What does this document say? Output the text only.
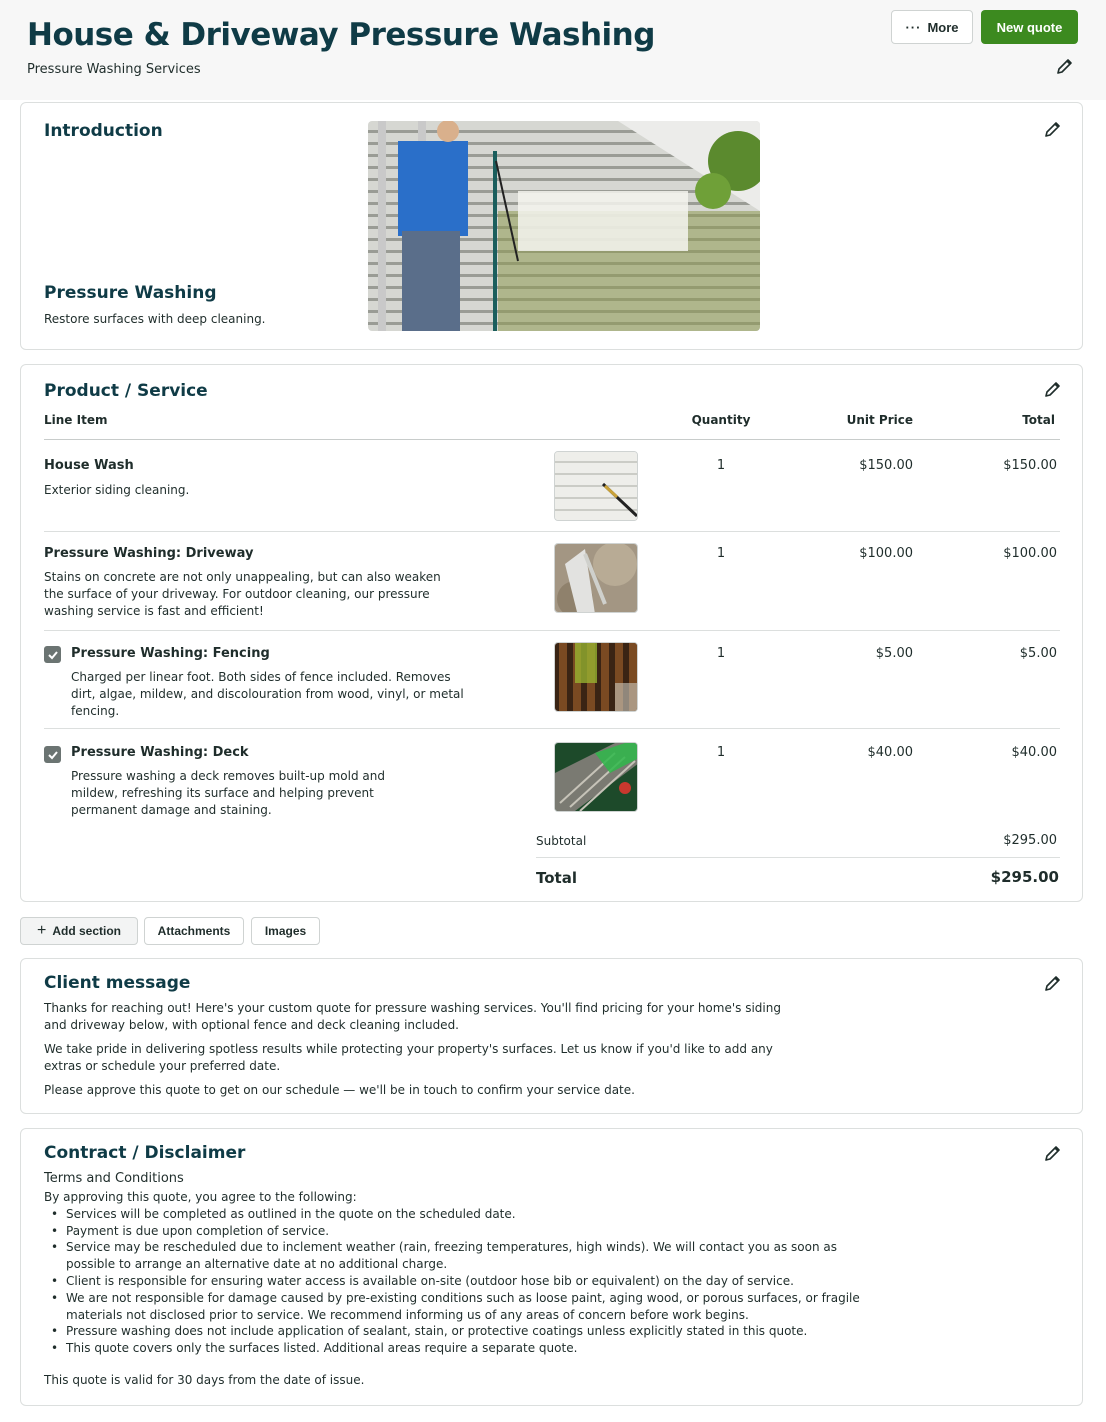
House & Driveway Pressure Washing
Pressure Washing Services
··· More	New quote
Introduction
Pressure Washing
Restore surfaces with deep cleaning.
Product / Service
Line Item	Quantity	Unit Price	Total
House Wash
Exterior siding cleaning.
1	$150.00	$150.00
Pressure Washing: Driveway
Stains on concrete are not only unappealing, but can also weaken the surface of your driveway. For outdoor cleaning, our pressure washing service is fast and efficient!
1	$100.00	$100.00
Pressure Washing: Fencing
Charged per linear foot. Both sides of fence included. Removes dirt, algae, mildew, and discolouration from wood, vinyl, or metal fencing.
1	$5.00	$5.00
Pressure Washing: Deck
Pressure washing a deck removes built-up mold and mildew, refreshing its surface and helping prevent permanent damage and staining.
1	$40.00	$40.00
Subtotal	$295.00
Total	$295.00
+ Add section	Attachments	Images
Client message
Thanks for reaching out! Here's your custom quote for pressure washing services. You'll find pricing for your home's siding and driveway below, with optional fence and deck cleaning included.
We take pride in delivering spotless results while protecting your property's surfaces. Let us know if you'd like to add any extras or schedule your preferred date.
Please approve this quote to get on our schedule — we'll be in touch to confirm your service date.
Contract / Disclaimer
Terms and Conditions
By approving this quote, you agree to the following:
• Services will be completed as outlined in the quote on the scheduled date.
• Payment is due upon completion of service.
• Service may be rescheduled due to inclement weather (rain, freezing temperatures, high winds). We will contact you as soon as possible to arrange an alternative date at no additional charge.
• Client is responsible for ensuring water access is available on-site (outdoor hose bib or equivalent) on the day of service.
• We are not responsible for damage caused by pre-existing conditions such as loose paint, aging wood, or porous surfaces, or fragile materials not disclosed prior to service. We recommend informing us of any areas of concern before work begins.
• Pressure washing does not include application of sealant, stain, or protective coatings unless explicitly stated in this quote.
• This quote covers only the surfaces listed. Additional areas require a separate quote.
This quote is valid for 30 days from the date of issue.
